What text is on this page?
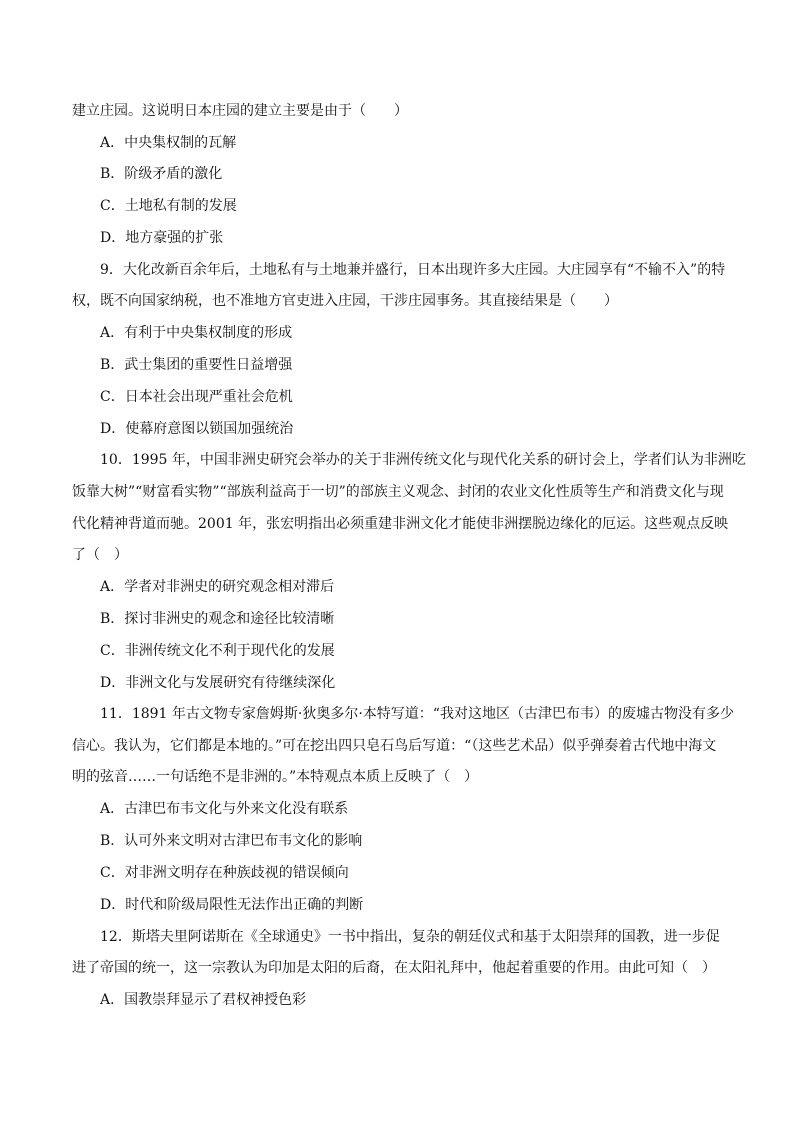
建立庄园。这说明日本庄园的建立主要是由于（　　）
A．中央集权制的瓦解
B．阶级矛盾的激化
C．土地私有制的发展
D．地方豪强的扩张
9．大化改新百余年后，土地私有与土地兼并盛行，日本出现许多大庄园。大庄园享有“不输不入”的特
权，既不向国家纳税，也不准地方官吏进入庄园，干涉庄园事务。其直接结果是（　　）
A．有利于中央集权制度的形成
B．武士集团的重要性日益增强
C．日本社会出现严重社会危机
D．使幕府意图以锁国加强统治
10．1995 年，中国非洲史研究会举办的关于非洲传统文化与现代化关系的研讨会上，学者们认为非洲吃
饭靠大树”“财富看实物”“部族利益高于一切”的部族主义观念、封闭的农业文化性质等生产和消费文化与现
代化精神背道而驰。2001 年，张宏明指出必须重建非洲文化才能使非洲摆脱边缘化的厄运。这些观点反映
了（　）
A．学者对非洲史的研究观念相对滞后
B．探讨非洲史的观念和途径比较清晰
C．非洲传统文化不利于现代化的发展
D．非洲文化与发展研究有待继续深化
11．1891 年古文物专家詹姆斯·狄奥多尔·本特写道：“我对这地区（古津巴布韦）的废墟古物没有多少
信心。我认为，它们都是本地的。”可在挖出四只皂石鸟后写道：“（这些艺术品）似乎弹奏着古代地中海文
明的弦音……一句话绝不是非洲的。”本特观点本质上反映了（　）
A．古津巴布韦文化与外来文化没有联系
B．认可外来文明对古津巴布韦文化的影响
C．对非洲文明存在种族歧视的错误倾向
D．时代和阶级局限性无法作出正确的判断
12．斯塔夫里阿诺斯在《全球通史》一书中指出，复杂的朝廷仪式和基于太阳崇拜的国教，进一步促
进了帝国的统一，这一宗教认为印加是太阳的后裔，在太阳礼拜中，他起着重要的作用。由此可知（　）
A．国教崇拜显示了君权神授色彩
